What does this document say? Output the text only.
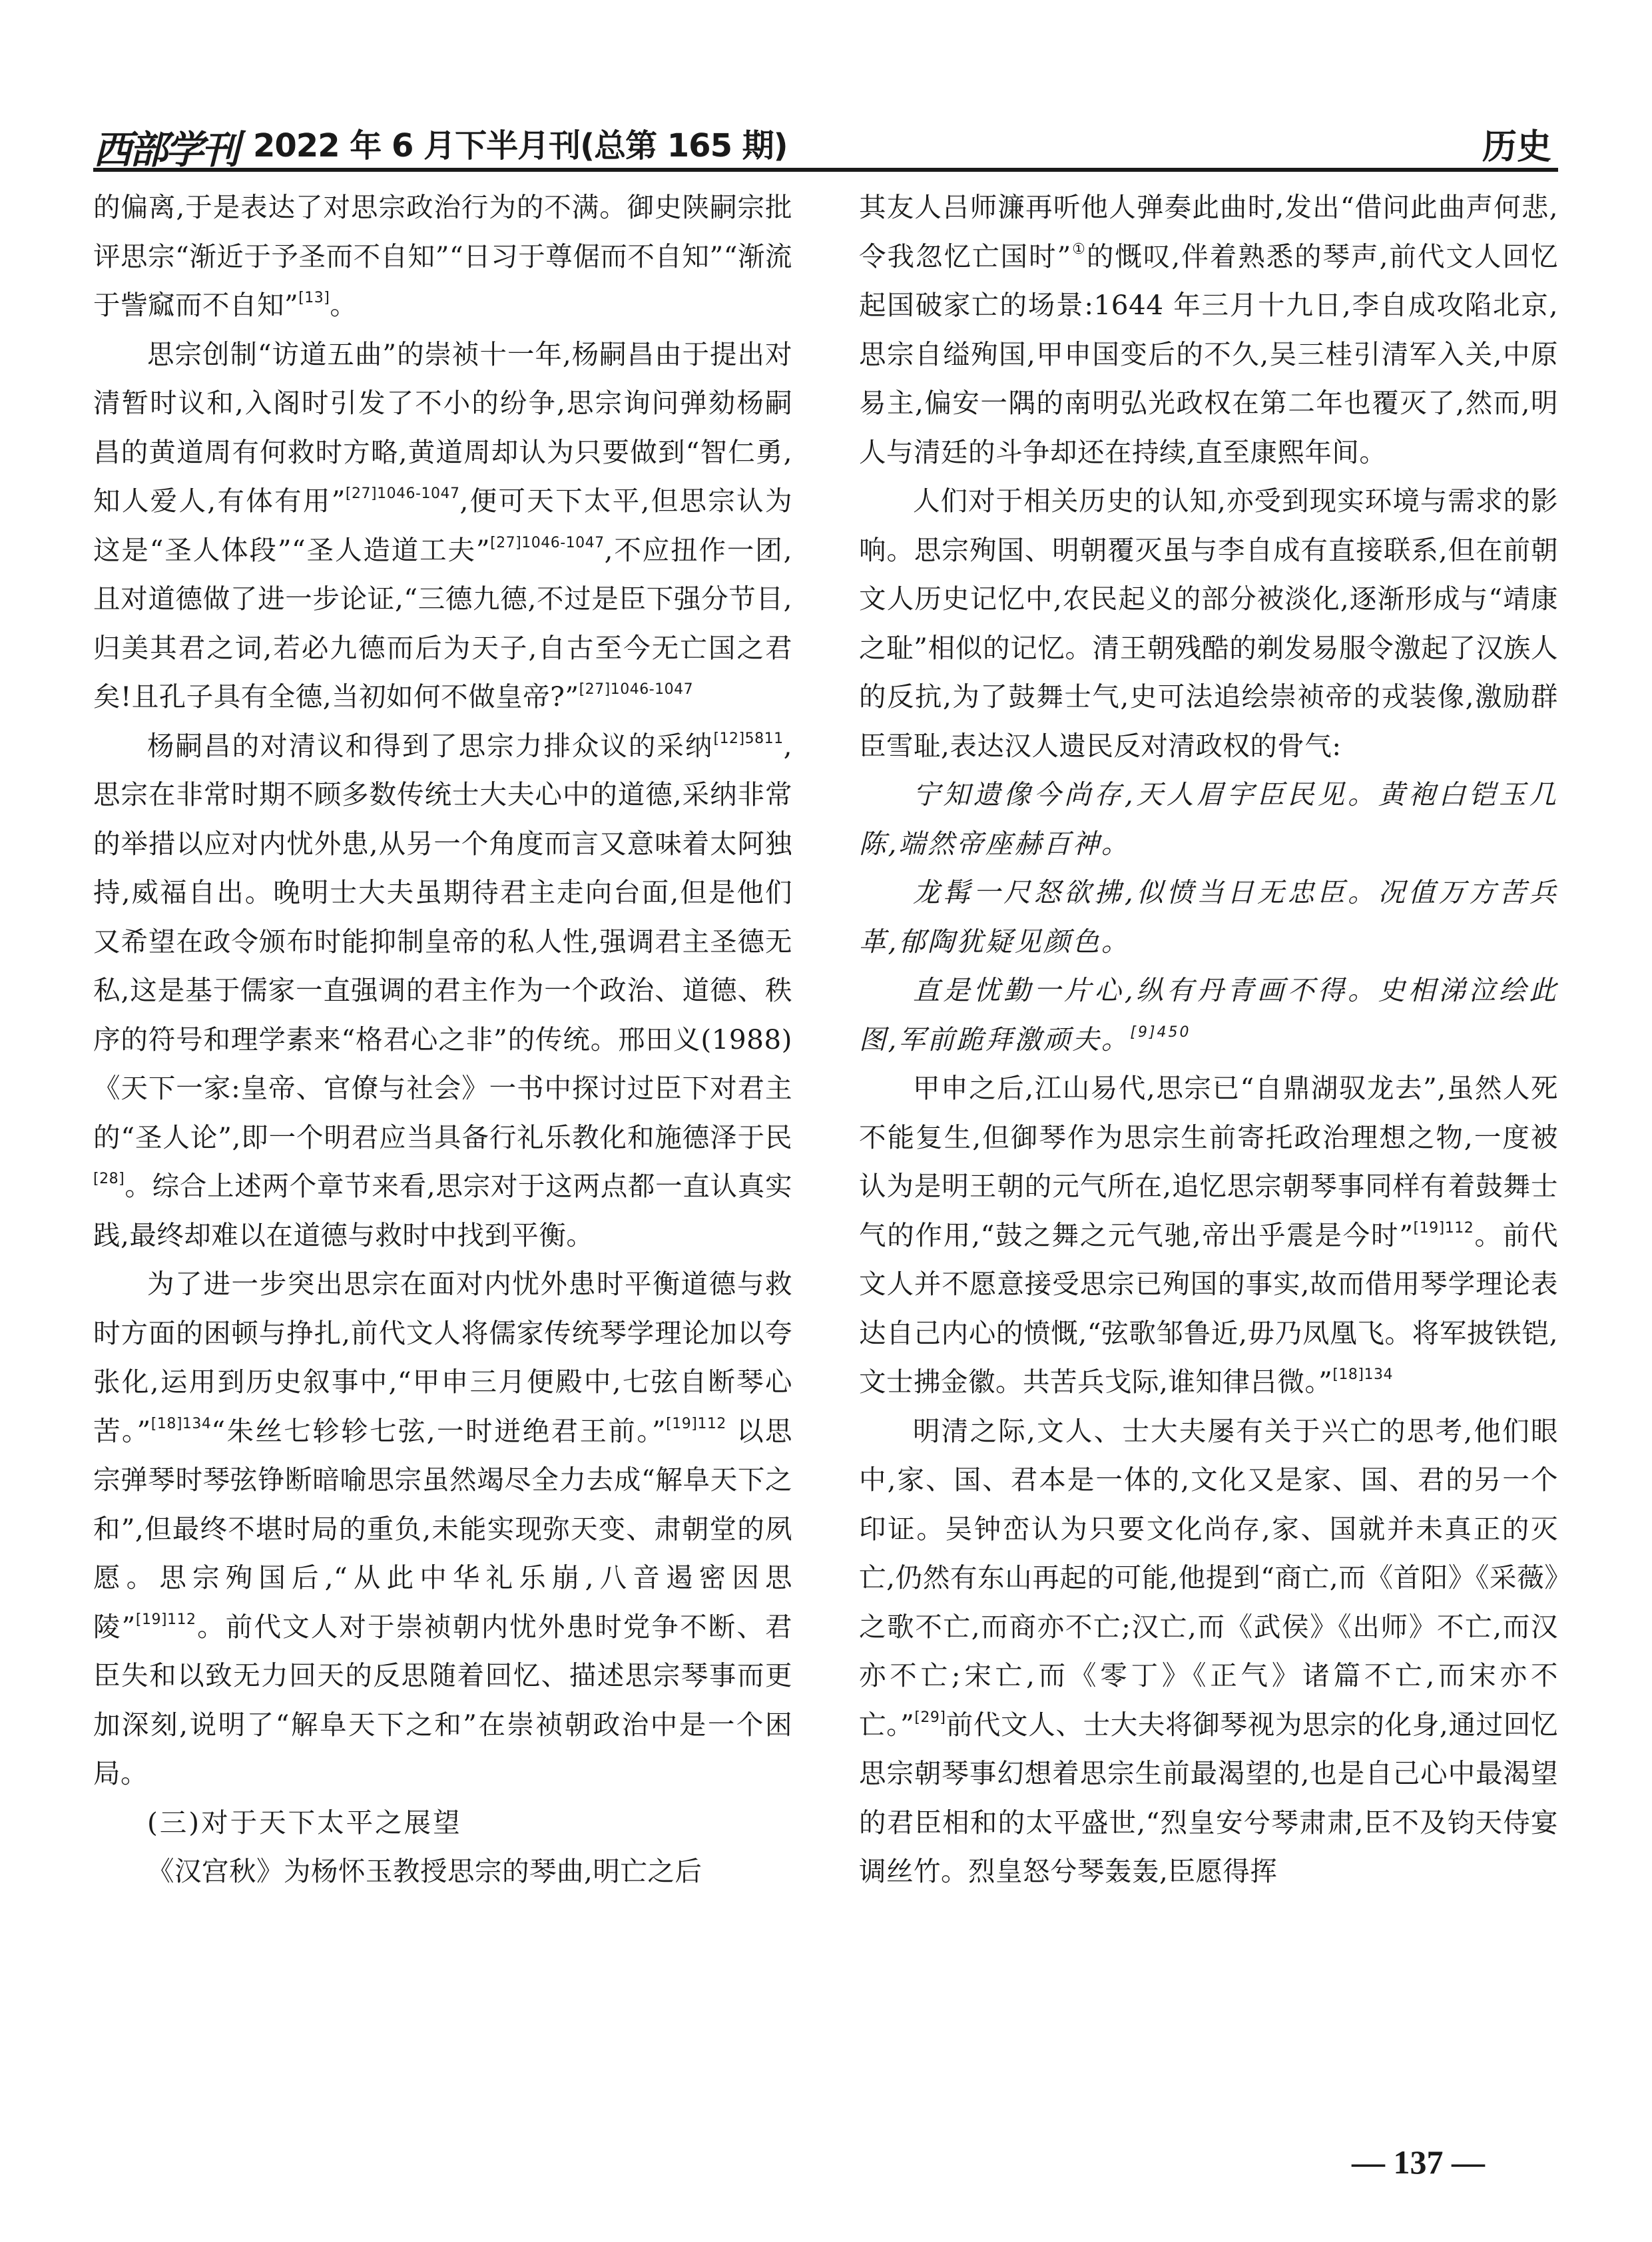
西部学刊 2022 年 6 月下半月刊(总第 165 期)	历史

的偏离,于是表达了对思宗政治行为的不满。御史陕嗣宗批评思宗“渐近于予圣而不自知”“日习于尊倨而不自知”“渐流于訾窳而不自知”[13]。

思宗创制“访道五曲”的崇祯十一年,杨嗣昌由于提出对清暂时议和,入阁时引发了不小的纷争,思宗询问弹劾杨嗣昌的黄道周有何救时方略,黄道周却认为只要做到“智仁勇,知人爱人,有体有用”$^{[27]1046-1047}$,便可天下太平,但思宗认为这是“圣人体段”“圣人造道工夫”$^{[27]1046-1047}$,不应扭作一团,且对道德做了进一步论证,“三德九德,不过是臣下强分节目,归美其君之词,若必九德而后为天子,自古至今无亡国之君矣!且孔子具有全德,当初如何不做皇帝?”$^{[27]1046-1047}$

杨嗣昌的对清议和得到了思宗力排众议的采纳$^{[12]5811}$,思宗在非常时期不顾多数传统士大夫心中的道德,采纳非常的举措以应对内忧外患,从另一个角度而言又意味着太阿独持,威福自出。晚明士大夫虽期待君主走向台面,但是他们又希望在政令颁布时能抑制皇帝的私人性,强调君主圣德无私,这是基于儒家一直强调的君主作为一个政治、道德、秩序的符号和理学素来“格君心之非”的传统。邢田义(1988)《天下一家:皇帝、官僚与社会》一书中探讨过臣下对君主的“圣人论”,即一个明君应当具备行礼乐教化和施德泽于民[28]。综合上述两个章节来看,思宗对于这两点都一直认真实践,最终却难以在道德与救时中找到平衡。

为了进一步突出思宗在面对内忧外患时平衡道德与救时方面的困顿与挣扎,前代文人将儒家传统琴学理论加以夸张化,运用到历史叙事中,“甲申三月便殿中,七弦自断琴心苦。”$^{[18]134}$“朱丝七轸轸七弦,一时迸绝君王前。”$^{[19]112}$ 以思宗弹琴时琴弦铮断暗喻思宗虽然竭尽全力去成“解阜天下之和”,但最终不堪时局的重负,未能实现弥天变、肃朝堂的夙愿。思宗殉国后,“从此中华礼乐崩,八音遏密因思陵”$^{[19]112}$。前代文人对于崇祯朝内忧外患时党争不断、君臣失和以致无力回天的反思随着回忆、描述思宗琴事而更加深刻,说明了“解阜天下之和”在崇祯朝政治中是一个困局。

(三)对于天下太平之展望

《汉宫秋》为杨怀玉教授思宗的琴曲,明亡之后

其友人吕师濂再听他人弹奏此曲时,发出“借问此曲声何悲,令我忽忆亡国时”①的慨叹,伴着熟悉的琴声,前代文人回忆起国破家亡的场景:1644 年三月十九日,李自成攻陷北京,思宗自缢殉国,甲申国变后的不久,吴三桂引清军入关,中原易主,偏安一隅的南明弘光政权在第二年也覆灭了,然而,明人与清廷的斗争却还在持续,直至康熙年间。

人们对于相关历史的认知,亦受到现实环境与需求的影响。思宗殉国、明朝覆灭虽与李自成有直接联系,但在前朝文人历史记忆中,农民起义的部分被淡化,逐渐形成与“靖康之耻”相似的记忆。清王朝残酷的剃发易服令激起了汉族人的反抗,为了鼓舞士气,史可法追绘崇祯帝的戎装像,激励群臣雪耻,表达汉人遗民反对清政权的骨气:

宁知遗像今尚存,天人眉宇臣民见。黄袍白铠玉几陈,端然帝座赫百神。

龙髯一尺怒欲拂,似愤当日无忠臣。况值万方苦兵革,郁陶犹疑见颜色。

直是忧勤一片心,纵有丹青画不得。史相涕泣绘此图,军前跪拜激顽夫。$^{[9]450}$

甲申之后,江山易代,思宗已“自鼎湖驭龙去”,虽然人死不能复生,但御琴作为思宗生前寄托政治理想之物,一度被认为是明王朝的元气所在,追忆思宗朝琴事同样有着鼓舞士气的作用,“鼓之舞之元气驰,帝出乎震是今时”$^{[19]112}$。前代文人并不愿意接受思宗已殉国的事实,故而借用琴学理论表达自己内心的愤慨,“弦歌邹鲁近,毋乃凤凰飞。将军披铁铠,文士拂金徽。共苦兵戈际,谁知律吕微。”$^{[18]134}$

明清之际,文人、士大夫屡有关于兴亡的思考,他们眼中,家、国、君本是一体的,文化又是家、国、君的另一个印证。吴钟峦认为只要文化尚存,家、国就并未真正的灭亡,仍然有东山再起的可能,他提到“商亡,而《首阳》《采薇》之歌不亡,而商亦不亡;汉亡,而《武侯》《出师》不亡,而汉亦不亡;宋亡,而《零丁》《正气》诸篇不亡,而宋亦不亡。”[29]前代文人、士大夫将御琴视为思宗的化身,通过回忆思宗朝琴事幻想着思宗生前最渴望的,也是自己心中最渴望的君臣相和的太平盛世,“烈皇安兮琴肃肃,臣不及钧天侍宴调丝竹。烈皇怒兮琴轰轰,臣愿得挥

— 137 —
